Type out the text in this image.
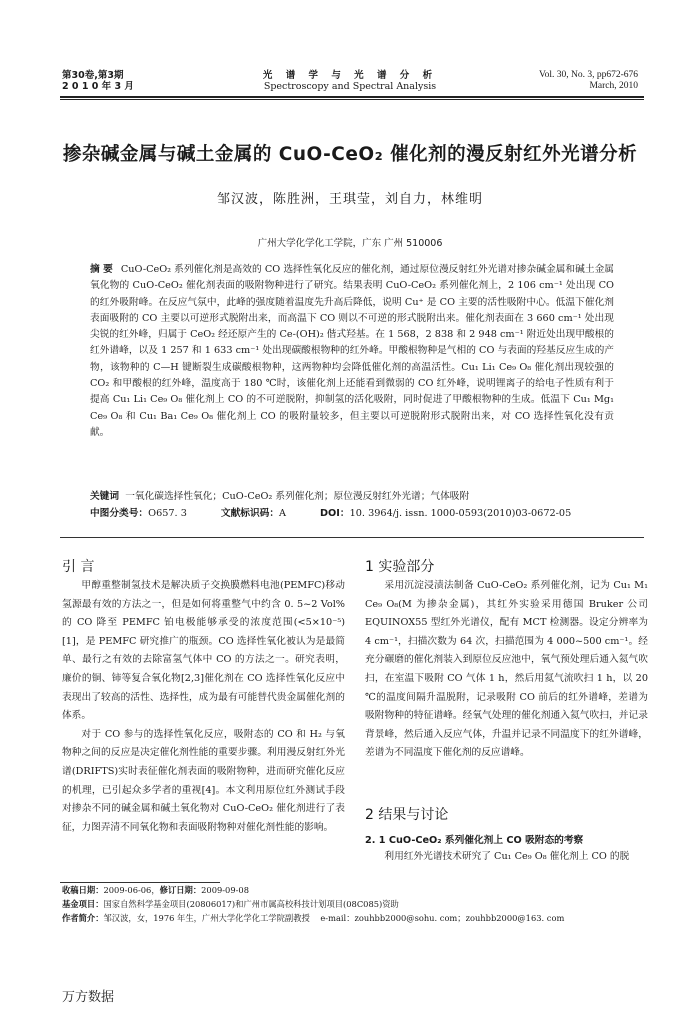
第30卷,第3期
2 0 1 0 年 3 月
光 谱 学 与 光 谱 分 析
Spectroscopy and Spectral Analysis
Vol. 30, No. 3, pp672-676
March, 2010
掺杂碱金属与碱土金属的 CuO-CeO₂ 催化剂的漫反射红外光谱分析
邹汉波，陈胜洲，王琪莹，刘自力，林维明
广州大学化学化工学院，广东 广州 510006
摘 要 CuO-CeO₂ 系列催化剂是高效的 CO 选择性氧化反应的催化剂，通过原位漫反射红外光谱对掺杂碱金属和碱土金属氧化物的 CuO-CeO₂ 催化剂表面的吸附物种进行了研究。结果表明 CuO-CeO₂ 系列催化剂上，2 106 cm⁻¹ 处出现 CO 的红外吸附峰。在反应气氛中，此峰的强度随着温度先升高后降低，说明 Cu⁺ 是 CO 主要的活性吸附中心。低温下催化剂表面吸附的 CO 主要以可逆形式脱附出来，而高温下 CO 则以不可逆的形式脱附出来。催化剂表面在 3 660 cm⁻¹ 处出现尖锐的红外峰，归属于 CeO₂ 经还原产生的 Ce-(OH)₂ 偕式羟基。在 1 568，2 838 和 2 948 cm⁻¹ 附近处出现甲酸根的红外谱峰，以及 1 257 和 1 633 cm⁻¹ 处出现碳酸根物种的红外峰。甲酸根物种是气相的 CO 与表面的羟基反应生成的产物，该物种的 C—H 键断裂生成碳酸根物种，这两物种均会降低催化剂的高温活性。Cu₁ Li₁ Ce₉ O₈ 催化剂出现较强的 CO₂ 和甲酸根的红外峰，温度高于 180 ℃时，该催化剂上还能看到微弱的 CO 红外峰，说明锂离子的给电子性质有利于提高 Cu₁ Li₁ Ce₉ O₈ 催化剂上 CO 的不可逆脱附，抑制氢的活化吸附，同时促进了甲酸根物种的生成。低温下 Cu₁ Mg₁ Ce₉ O₈ 和 Cu₁ Ba₁ Ce₉ O₈ 催化剂上 CO 的吸附量较多，但主要以可逆脱附形式脱附出来，对 CO 选择性氧化没有贡献。
关键词 一氧化碳选择性氧化；CuO-CeO₂ 系列催化剂；原位漫反射红外光谱；气体吸附
中图分类号：O657. 3	文献标识码：A	DOI：10. 3964/j. issn. 1000-0593(2010)03-0672-05
引 言

甲醇重整制氢技术是解决质子交换膜燃料电池(PEMFC)移动氢源最有效的方法之一，但是如何将重整气中约含 0. 5~2 Vol%的 CO 降至 PEMFC 铂电极能够承受的浓度范围(<5×10⁻⁵)[1]，是 PEMFC 研究推广的瓶颈。CO 选择性氧化被认为是最简单、最行之有效的去除富氢气体中 CO 的方法之一。研究表明，廉价的铜、铈等复合氧化物[2,3]催化剂在 CO 选择性氧化反应中表现出了较高的活性、选择性，成为最有可能替代贵金属催化剂的体系。

对于 CO 参与的选择性氧化反应，吸附态的 CO 和 H₂ 与氧物种之间的反应是决定催化剂性能的重要步骤。利用漫反射红外光谱(DRIFTS)实时表征催化剂表面的吸附物种，进而研究催化反应的机理，已引起众多学者的重视[4]。本文利用原位红外测试手段对掺杂不同的碱金属和碱土氧化物对 CuO-CeO₂ 催化剂进行了表征，力图弄清不同氧化物和表面吸附物种对催化剂性能的影响。

1 实验部分

采用沉淀浸渍法制备 CuO-CeO₂ 系列催化剂，记为 Cu₁ M₁ Ce₉ O₈(M 为掺杂金属)，其红外实验采用德国 Bruker 公司 EQUINOX55 型红外光谱仪，配有 MCT 检测器。设定分辨率为 4 cm⁻¹，扫描次数为 64 次，扫描范围为 4 000~500 cm⁻¹。经充分碾磨的催化剂装入到原位反应池中，氧气预处理后通入氦气吹扫，在室温下吸附 CO 气体 1 h，然后用氦气流吹扫 1 h，以 20 ℃的温度间隔升温脱附，记录吸附 CO 前后的红外谱峰，差谱为吸附物种的特征谱峰。经氧气处理的催化剂通入氦气吹扫，并记录背景峰，然后通入反应气体，升温并记录不同温度下的红外谱峰，差谱为不同温度下催化剂的反应谱峰。

2 结果与讨论
2. 1 CuO-CeO₂ 系列催化剂上 CO 吸附态的考察

利用红外光谱技术研究了 Cu₁ Ce₉ O₈ 催化剂上 CO 的脱

收稿日期：2009-06-06，修订日期：2009-09-08
基金项目：国家自然科学基金项目(20806017)和广州市属高校科技计划项目(08C085)资助
作者简介：邹汉波，女，1976 年生，广州大学化学化工学院副教授 e-mail：zouhbb2000@sohu. com；zouhbb2000@163. com
万方数据
